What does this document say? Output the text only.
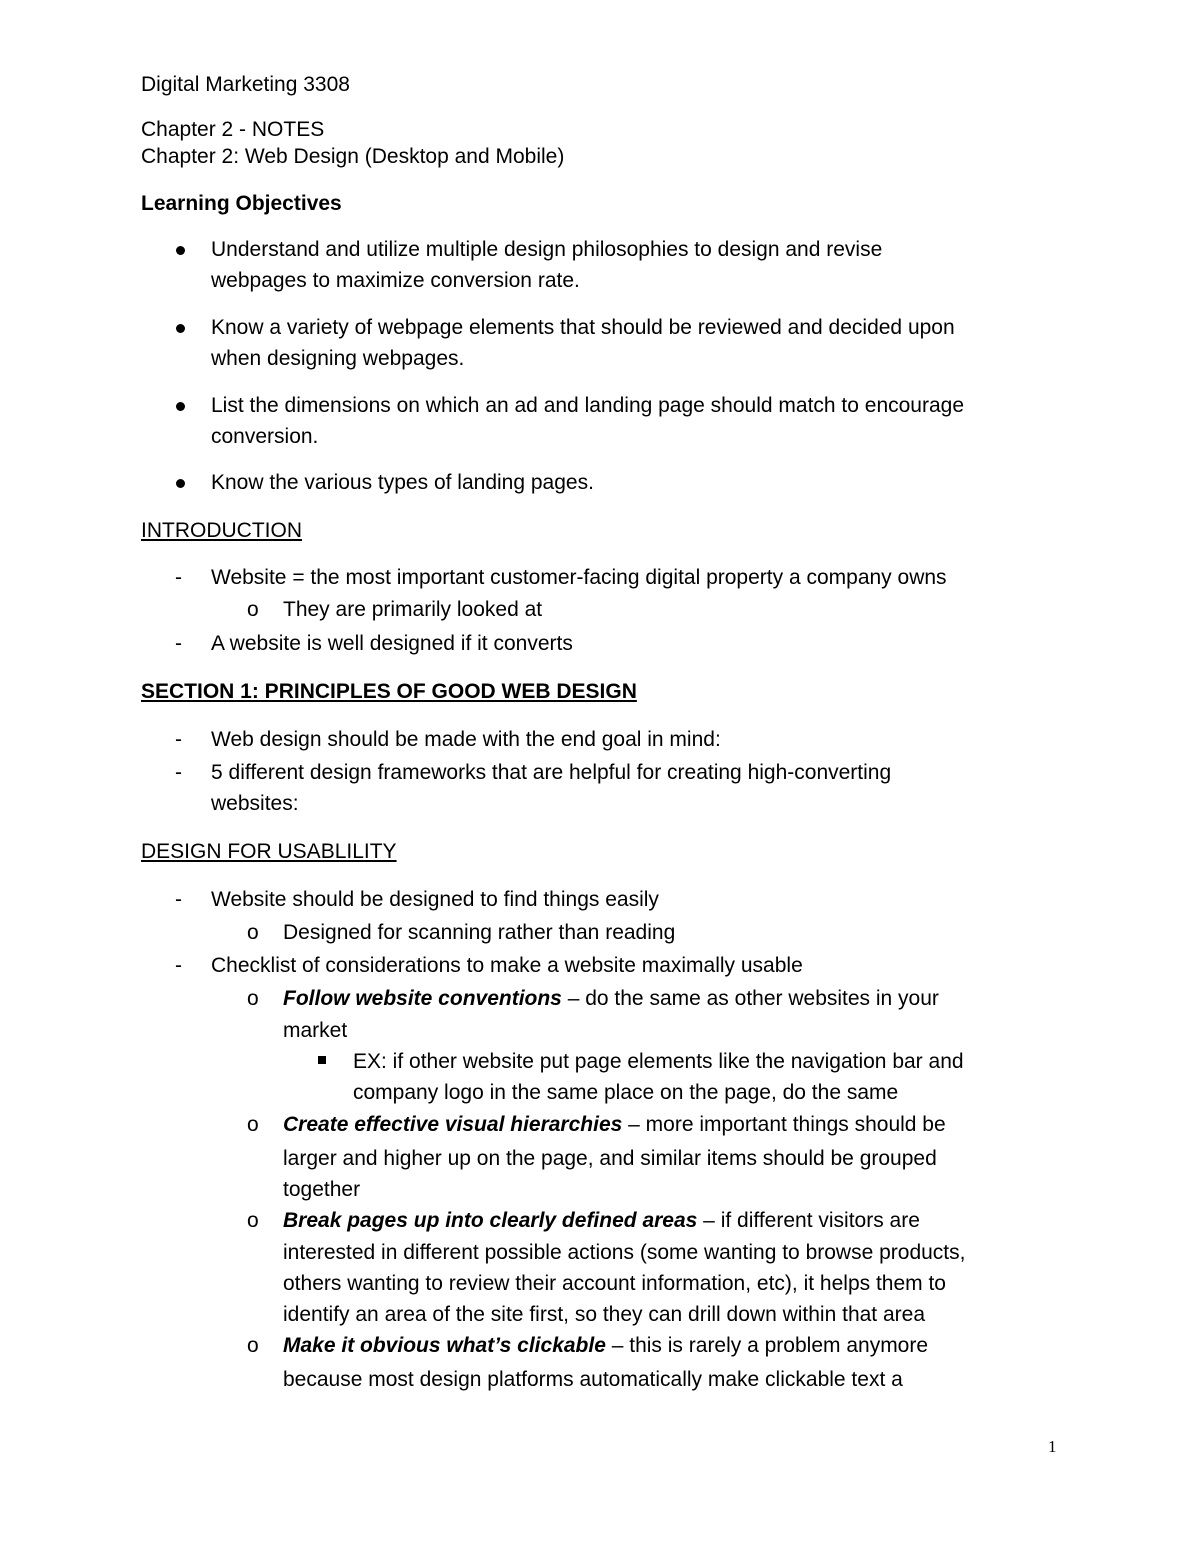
Digital Marketing 3308
Chapter 2 - NOTES
Chapter 2: Web Design (Desktop and Mobile)
Learning Objectives
Understand and utilize multiple design philosophies to design and revise
webpages to maximize conversion rate.
Know a variety of webpage elements that should be reviewed and decided upon
when designing webpages.
List the dimensions on which an ad and landing page should match to encourage
conversion.
Know the various types of landing pages.
INTRODUCTION
- Website = the most important customer-facing digital property a company owns
o They are primarily looked at
- A website is well designed if it converts
SECTION 1: PRINCIPLES OF GOOD WEB DESIGN
- Web design should be made with the end goal in mind:
- 5 different design frameworks that are helpful for creating high-converting
websites:
DESIGN FOR USABLILITY
- Website should be designed to find things easily
o Designed for scanning rather than reading
- Checklist of considerations to make a website maximally usable
o Follow website conventions – do the same as other websites in your
market
EX: if other website put page elements like the navigation bar and
company logo in the same place on the page, do the same
o Create effective visual hierarchies – more important things should be
larger and higher up on the page, and similar items should be grouped
together
o Break pages up into clearly defined areas – if different visitors are
interested in different possible actions (some wanting to browse products,
others wanting to review their account information, etc), it helps them to
identify an area of the site first, so they can drill down within that area
o Make it obvious what’s clickable – this is rarely a problem anymore
because most design platforms automatically make clickable text a
1
